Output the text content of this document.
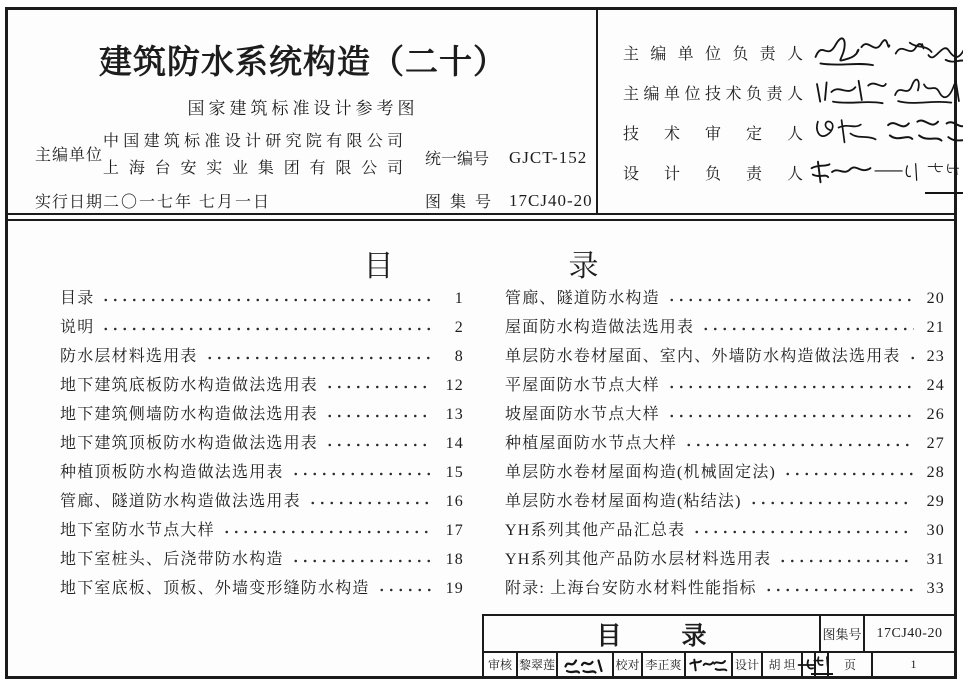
建筑防水系统构造（二十）
国家建筑标准设计参考图
主编单位
中国建筑标准设计研究院有限公司 上海台安实业集团有限公司
实行日期 二〇一七年 七月一日
统一编号 GJCT-152
图集号 17CJ40-20
主编单位负责人
主编单位技术负责人
技术审定人
设计负责人
目录
目录	1
说明	2
防水层材料选用表	8
地下建筑底板防水构造做法选用表	12
地下建筑侧墙防水构造做法选用表	13
地下建筑顶板防水构造做法选用表	14
种植顶板防水构造做法选用表	15
管廊、隧道防水构造做法选用表	16
地下室防水节点大样	17
地下室桩头、后浇带防水构造	18
地下室底板、顶板、外墙变形缝防水构造	19
管廊、隧道防水构造	20
屋面防水构造做法选用表	21
单层防水卷材屋面、室内、外墙防水构造做法选用表	23
平屋面防水节点大样	24
坡屋面防水节点大样	26
种植屋面防水节点大样	27
单层防水卷材屋面构造(机械固定法)	28
单层防水卷材屋面构造(粘结法)	29
YH系列其他产品汇总表	30
YH系列其他产品防水层材料选用表	31
附录: 上海台安防水材料性能指标	33
目录	图集号	17CJ40-20
审核 黎翠莲	校对 李正爽	设计 胡 坦	页	1
